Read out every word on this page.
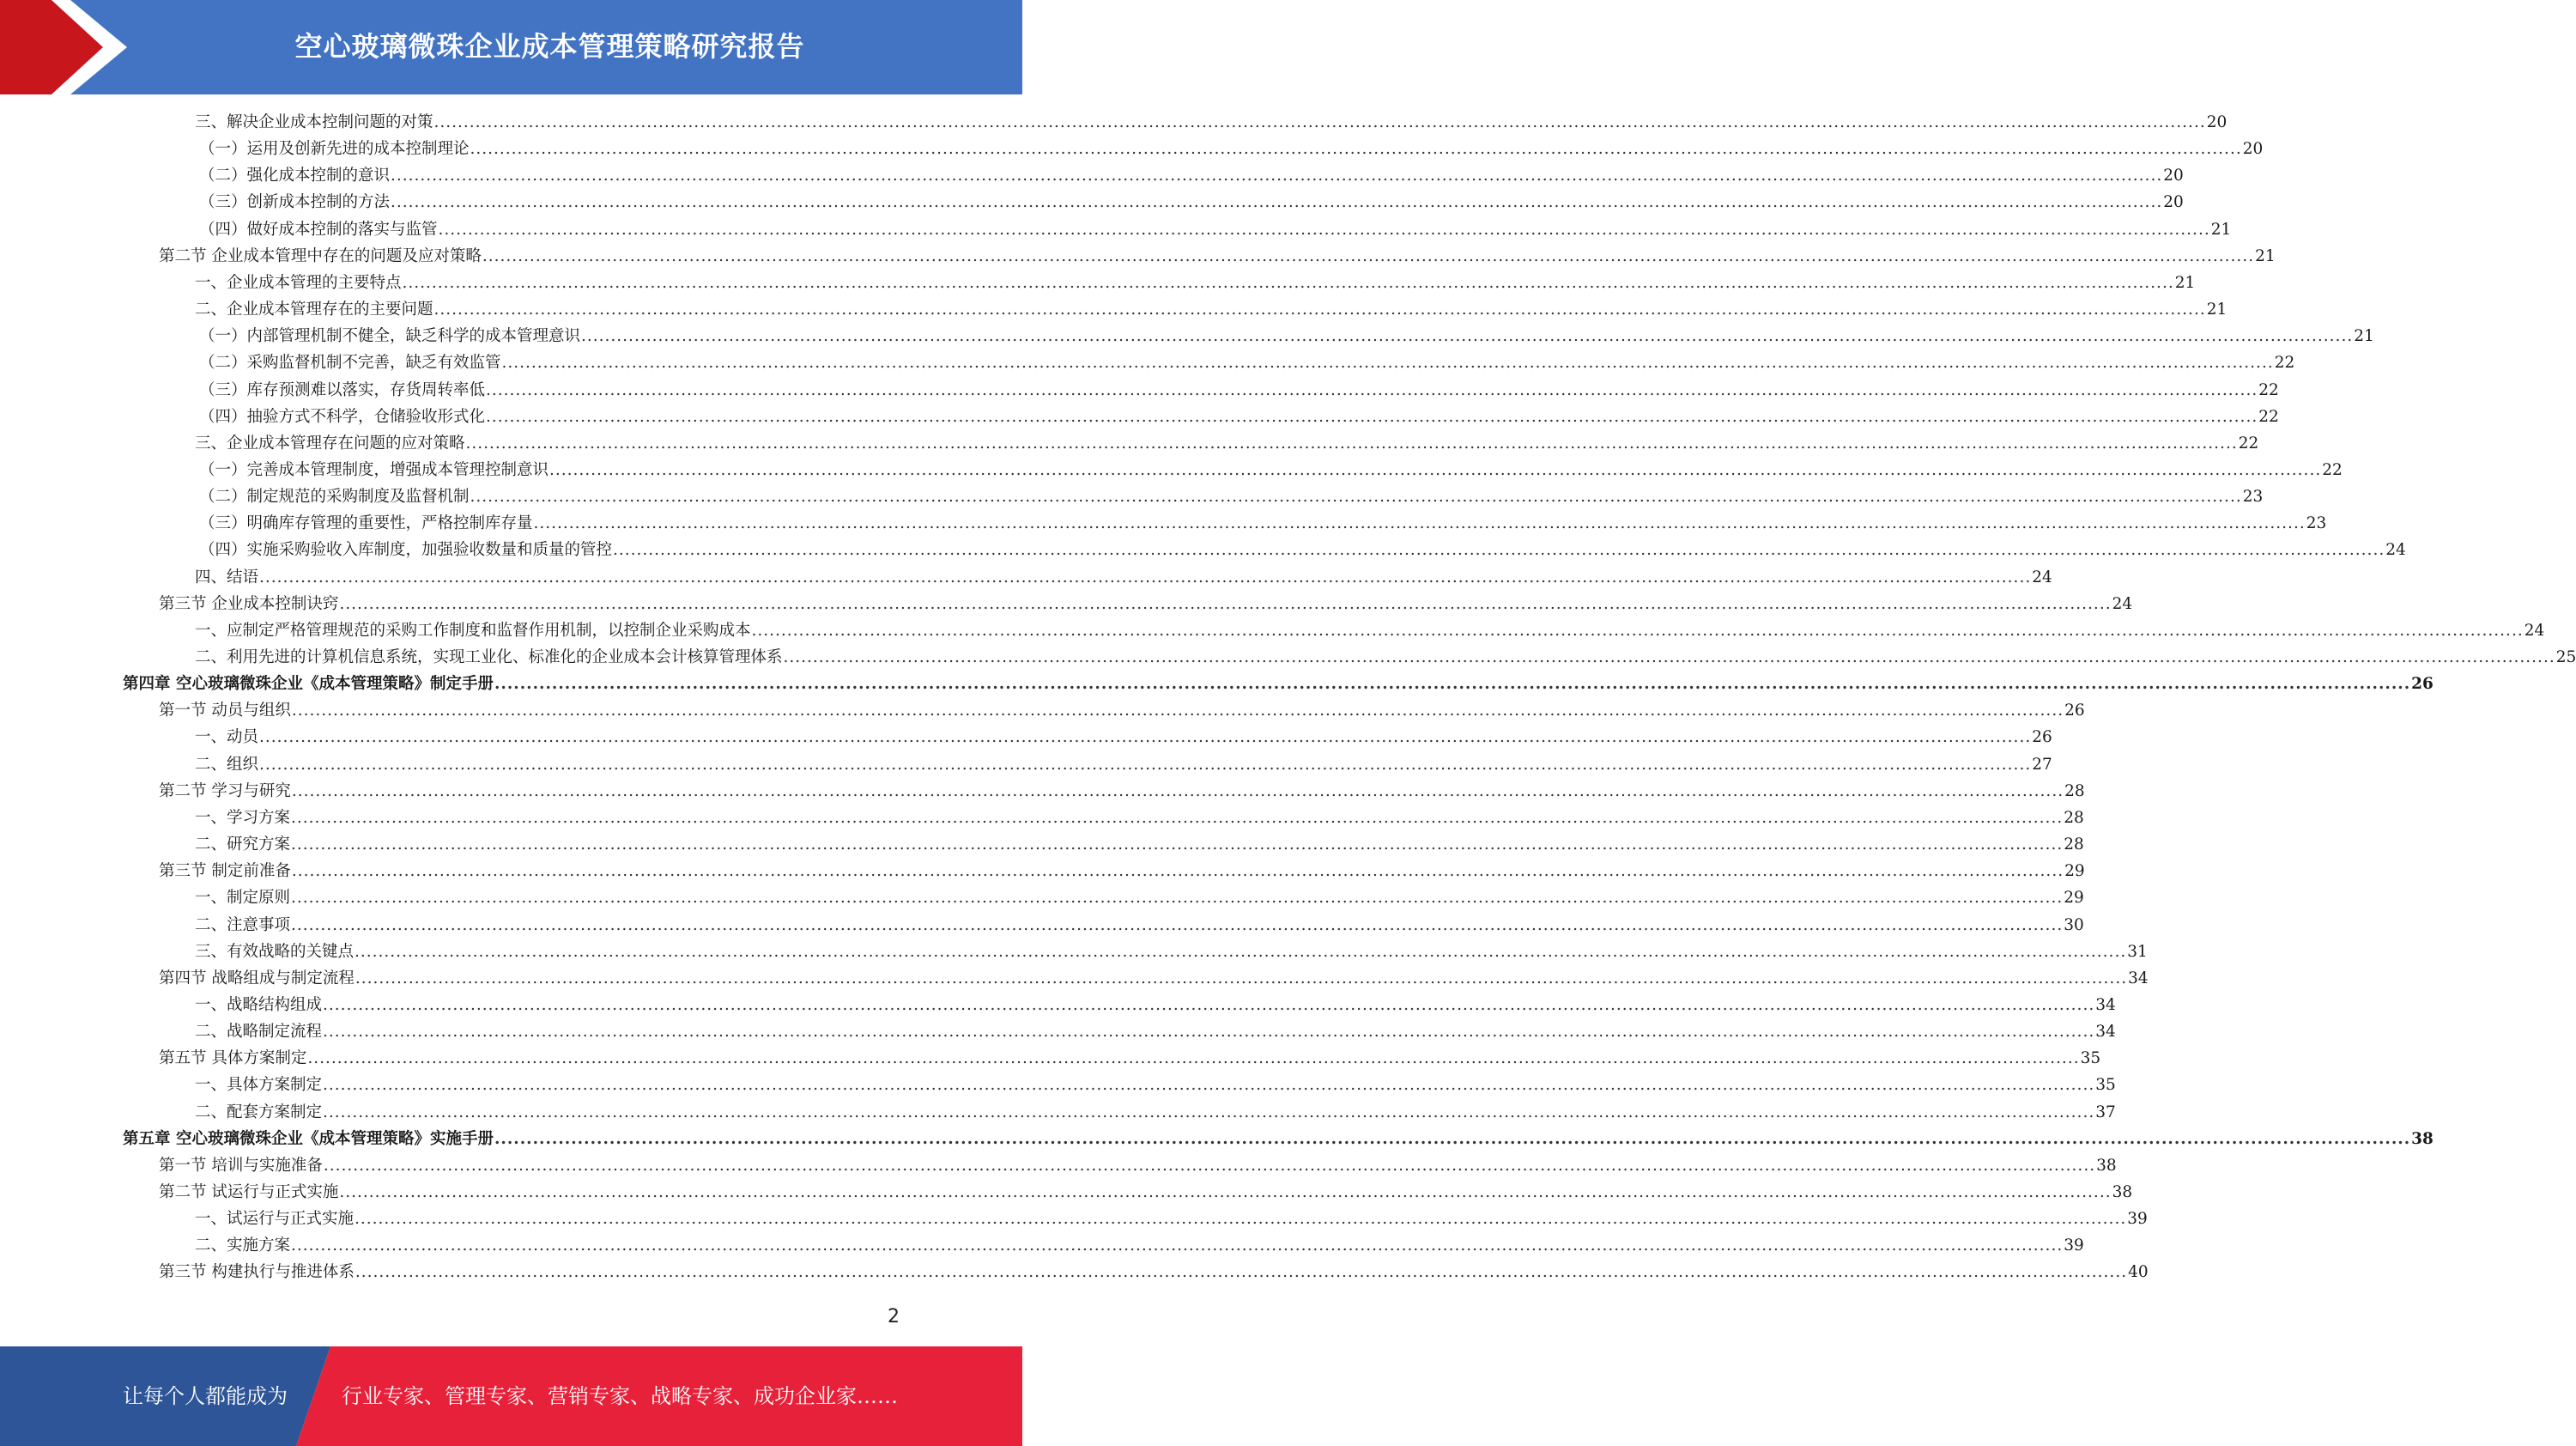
空心玻璃微珠企业成本管理策略研究报告
三、解决企业成本控制问题的对策 ............................................................................................................................................................................................................................................................................................................ 20
（一）运用及创新先进的成本控制理论 ............................................................................................................................................................................................................................................................................................................ 20
（二）强化成本控制的意识 ............................................................................................................................................................................................................................................................................................................ 20
（三）创新成本控制的方法 ............................................................................................................................................................................................................................................................................................................ 20
（四）做好成本控制的落实与监管 ............................................................................................................................................................................................................................................................................................................ 21
第二节 企业成本管理中存在的问题及应对策略 ............................................................................................................................................................................................................................................................................................................ 21
一、企业成本管理的主要特点 ............................................................................................................................................................................................................................................................................................................ 21
二、企业成本管理存在的主要问题 ............................................................................................................................................................................................................................................................................................................ 21
（一）内部管理机制不健全，缺乏科学的成本管理意识 ............................................................................................................................................................................................................................................................................................................ 21
（二）采购监督机制不完善，缺乏有效监管 ............................................................................................................................................................................................................................................................................................................ 22
（三）库存预测难以落实，存货周转率低 ............................................................................................................................................................................................................................................................................................................ 22
（四）抽验方式不科学，仓储验收形式化 ............................................................................................................................................................................................................................................................................................................ 22
三、企业成本管理存在问题的应对策略 ............................................................................................................................................................................................................................................................................................................ 22
（一）完善成本管理制度，增强成本管理控制意识 ............................................................................................................................................................................................................................................................................................................ 22
（二）制定规范的采购制度及监督机制 ............................................................................................................................................................................................................................................................................................................ 23
（三）明确库存管理的重要性，严格控制库存量 ............................................................................................................................................................................................................................................................................................................ 23
（四）实施采购验收入库制度，加强验收数量和质量的管控 ............................................................................................................................................................................................................................................................................................................ 24
四、结语 ............................................................................................................................................................................................................................................................................................................ 24
第三节 企业成本控制诀窍 ............................................................................................................................................................................................................................................................................................................ 24
一、应制定严格管理规范的采购工作制度和监督作用机制，以控制企业采购成本 ............................................................................................................................................................................................................................................................................................................ 24
二、利用先进的计算机信息系统，实现工业化、标准化的企业成本会计核算管理体系 ............................................................................................................................................................................................................................................................................................................ 25
第四章 空心玻璃微珠企业《成本管理策略》制定手册 ............................................................................................................................................................................................................................................................................................................ 26
第一节 动员与组织 ............................................................................................................................................................................................................................................................................................................ 26
一、动员 ............................................................................................................................................................................................................................................................................................................ 26
二、组织 ............................................................................................................................................................................................................................................................................................................ 27
第二节 学习与研究 ............................................................................................................................................................................................................................................................................................................ 28
一、学习方案 ............................................................................................................................................................................................................................................................................................................ 28
二、研究方案 ............................................................................................................................................................................................................................................................................................................ 28
第三节 制定前准备 ............................................................................................................................................................................................................................................................................................................ 29
一、制定原则 ............................................................................................................................................................................................................................................................................................................ 29
二、注意事项 ............................................................................................................................................................................................................................................................................................................ 30
三、有效战略的关键点 ............................................................................................................................................................................................................................................................................................................ 31
第四节 战略组成与制定流程 ............................................................................................................................................................................................................................................................................................................ 34
一、战略结构组成 ............................................................................................................................................................................................................................................................................................................ 34
二、战略制定流程 ............................................................................................................................................................................................................................................................................................................ 34
第五节 具体方案制定 ............................................................................................................................................................................................................................................................................................................ 35
一、具体方案制定 ............................................................................................................................................................................................................................................................................................................ 35
二、配套方案制定 ............................................................................................................................................................................................................................................................................................................ 37
第五章 空心玻璃微珠企业《成本管理策略》实施手册 ............................................................................................................................................................................................................................................................................................................ 38
第一节 培训与实施准备 ............................................................................................................................................................................................................................................................................................................ 38
第二节 试运行与正式实施 ............................................................................................................................................................................................................................................................................................................ 38
一、试运行与正式实施 ............................................................................................................................................................................................................................................................................................................ 39
二、实施方案 ............................................................................................................................................................................................................................................................................................................ 39
第三节 构建执行与推进体系 ............................................................................................................................................................................................................................................................................................................ 40
2
让每个人都能成为	行业专家、管理专家、营销专家、战略专家、成功企业家……
